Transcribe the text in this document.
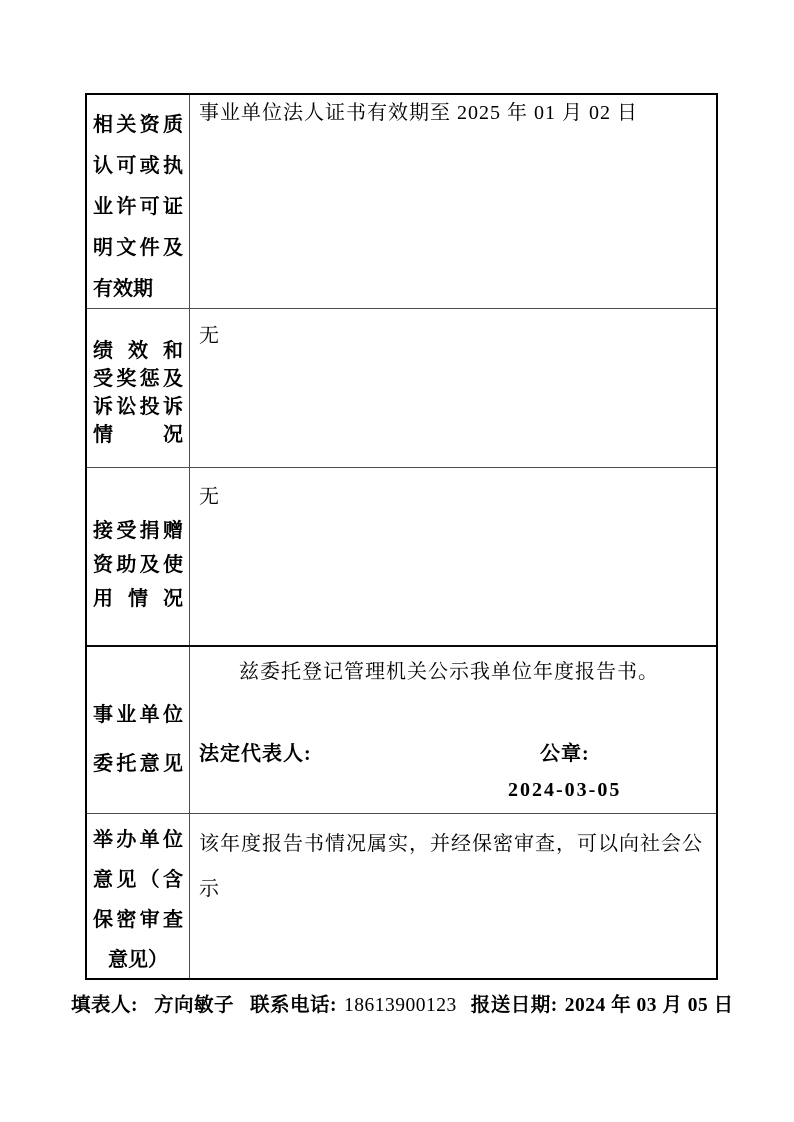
相关资质
认可或执
业许可证
明文件及
有效期
事业单位法人证书有效期至 2025 年 01 月 02 日
绩效和
受奖惩及
诉讼投诉
情况
无
接受捐赠
资助及使
用情况
无
事业单位
委托意见
兹委托登记管理机关公示我单位年度报告书。
法定代表人:	公章:
2024-03-05
举办单位
意见（含
保密审查
意见）
该年度报告书情况属实，并经保密审查，可以向社会公示
填表人: 方向敏子 联系电话: 18613900123 报送日期: 2024 年 03 月 05 日
